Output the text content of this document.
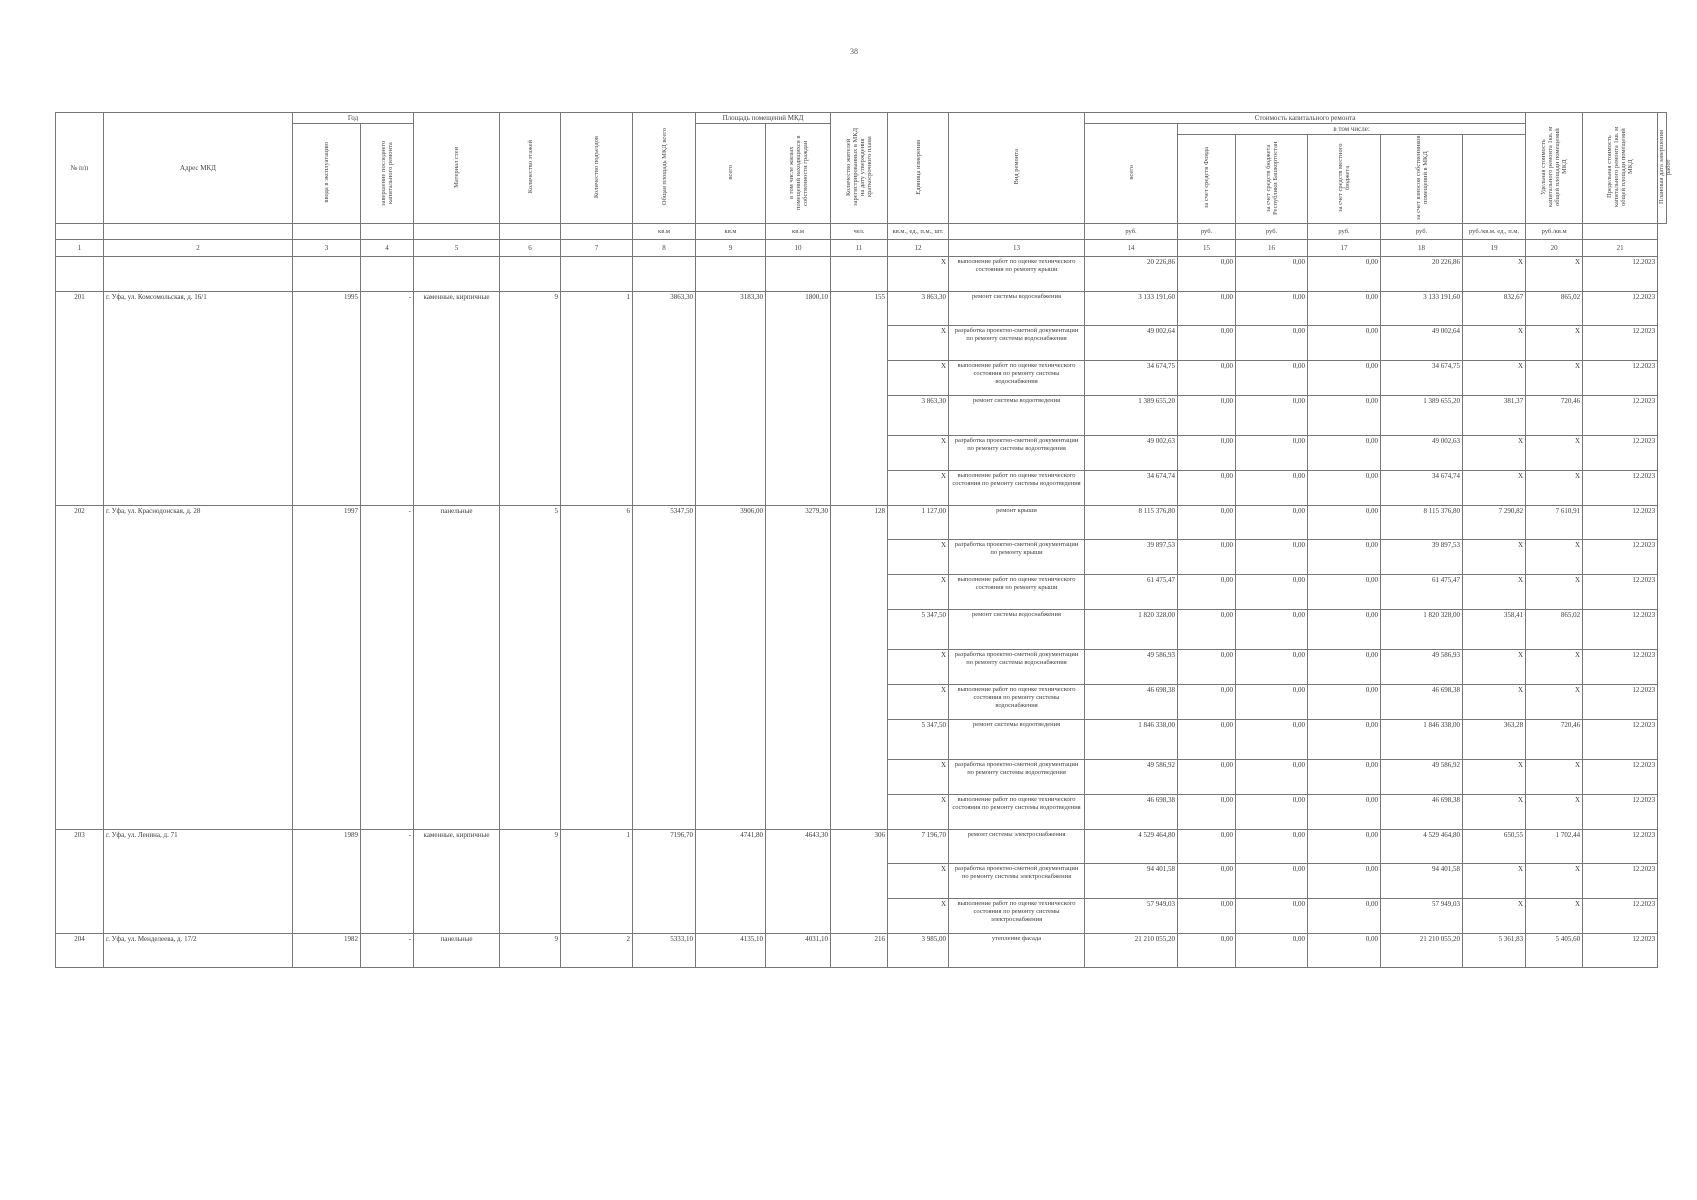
38
№ п/п	Адрес МКД	Год		Материал стен	Количество этажей	Количество подъездов	Общая площадь МКД всего	Площадь помещений МКД		Количество жителей зарегистрированных в МКД на дату утверждения краткосрочного плана	Единица измерения	Вид ремонта	Стоимость капитального ремонта						Удельная стоимость капитального ремонта 1кв. м общей площади помещений МКД	Предельная стоимость капитального ремонта 1кв. м общей площади помещений МКД	Плановая дата завершения работ
		ввода в эксплуатацию	завершение последнего капитального ремонта					всего	в том числе жилых помещений находящихся в собственности граждан				всего	в том числе:							
														за счет средств Фонда	за счет средств бюджета Республики Башкортостан	за счет средств местного бюджета	за счет взносов собственников помещений в МКД				
							кв.м	кв.м	кв.м	чел.	кв.м., ед., п.м., шт.		руб.	руб.	руб.	руб.	руб.	руб./кв.м. ед., п.м.	руб./кв.м		
1	2	3	4	5	6	7	8	9	10	11	12	13	14	15	16	17	18	19	20	21	
											X	выполнение работ по оценке технического состояния по ремонту крыши	20 226,86	0,00	0,00	0,00	20 226,86	X	X	12.2023	
201	г. Уфа, ул. Комсомольская, д. 16/1	1995	-	каменные, кирпичные	9	1	3863,30	3183,30	1800,10	155	3 863,30	ремонт системы водоснабжения	3 133 191,60	0,00	0,00	0,00	3 133 191,60	832,67	865,02	12.2023	
											X	разработка проектно-сметной документации по ремонту системы водоснабжения	49 002,64	0,00	0,00	0,00	49 002,64	X	X	12.2023	
											X	выполнение работ по оценке технического состояния по ремонту системы водоснабжения	34 674,75	0,00	0,00	0,00	34 674,75	X	X	12.2023	
											3 863,30	ремонт системы водоотведения	1 389 655,20	0,00	0,00	0,00	1 389 655,20	381,37	720,46	12.2023	
											X	разработка проектно-сметной документации по ремонту системы водоотведения	49 002,63	0,00	0,00	0,00	49 002,63	X	X	12.2023	
											X	выполнение работ по оценке технического состояния по ремонту системы водоотведения	34 674,74	0,00	0,00	0,00	34 674,74	X	X	12.2023	
202	г. Уфа, ул. Краснодонская, д. 28	1997	-	панельные	5	6	5347,50	3906,00	3279,30	128	1 127,00	ремонт крыши	8 115 376,80	0,00	0,00	0,00	8 115 376,80	7 290,82	7 610,91	12.2023	
											X	разработка проектно-сметной документации по ремонту крыши	39 897,53	0,00	0,00	0,00	39 897,53	X	X	12.2023	
											X	выполнение работ по оценке технического состояния по ремонту крыши	61 475,47	0,00	0,00	0,00	61 475,47	X	X	12.2023	
											5 347,50	ремонт системы водоснабжения	1 820 328,00	0,00	0,00	0,00	1 820 328,00	358,41	865,02	12.2023	
											X	разработка проектно-сметной документации по ремонту системы водоснабжения	49 586,93	0,00	0,00	0,00	49 586,93	X	X	12.2023	
											X	выполнение работ по оценке технического состояния по ремонту системы водоснабжения	46 698,38	0,00	0,00	0,00	46 698,38	X	X	12.2023	
											5 347,50	ремонт системы водоотведения	1 846 338,00	0,00	0,00	0,00	1 846 338,00	363,28	720,46	12.2023	
											X	разработка проектно-сметной документации по ремонту системы водоотведения	49 586,92	0,00	0,00	0,00	49 586,92	X	X	12.2023	
											X	выполнение работ по оценке технического состояния по ремонту системы водоотведения	46 698,38	0,00	0,00	0,00	46 698,38	X	X	12.2023	
203	г. Уфа, ул. Ленина, д. 71	1989	-	каменные, кирпичные	9	1	7196,70	4741,80	4643,30	306	7 196,70	ремонт системы электроснабжения	4 529 464,80	0,00	0,00	0,00	4 529 464,80	650,55	1 702,44	12.2023	
											X	разработка проектно-сметной документации по ремонту системы электроснабжения	94 401,58	0,00	0,00	0,00	94 401,58	X	X	12.2023	
											X	выполнение работ по оценке технического состояния по ремонту системы электроснабжения	57 949,03	0,00	0,00	0,00	57 949,03	X	X	12.2023	
204	г. Уфа, ул. Менделеева, д. 17/2	1982	-	панельные	9	2	5333,10	4135,10	4031,10	216	3 985,00	утепление фасада	21 210 055,20	0,00	0,00	0,00	21 210 055,20	5 361,83	5 405,60	12.2023	
